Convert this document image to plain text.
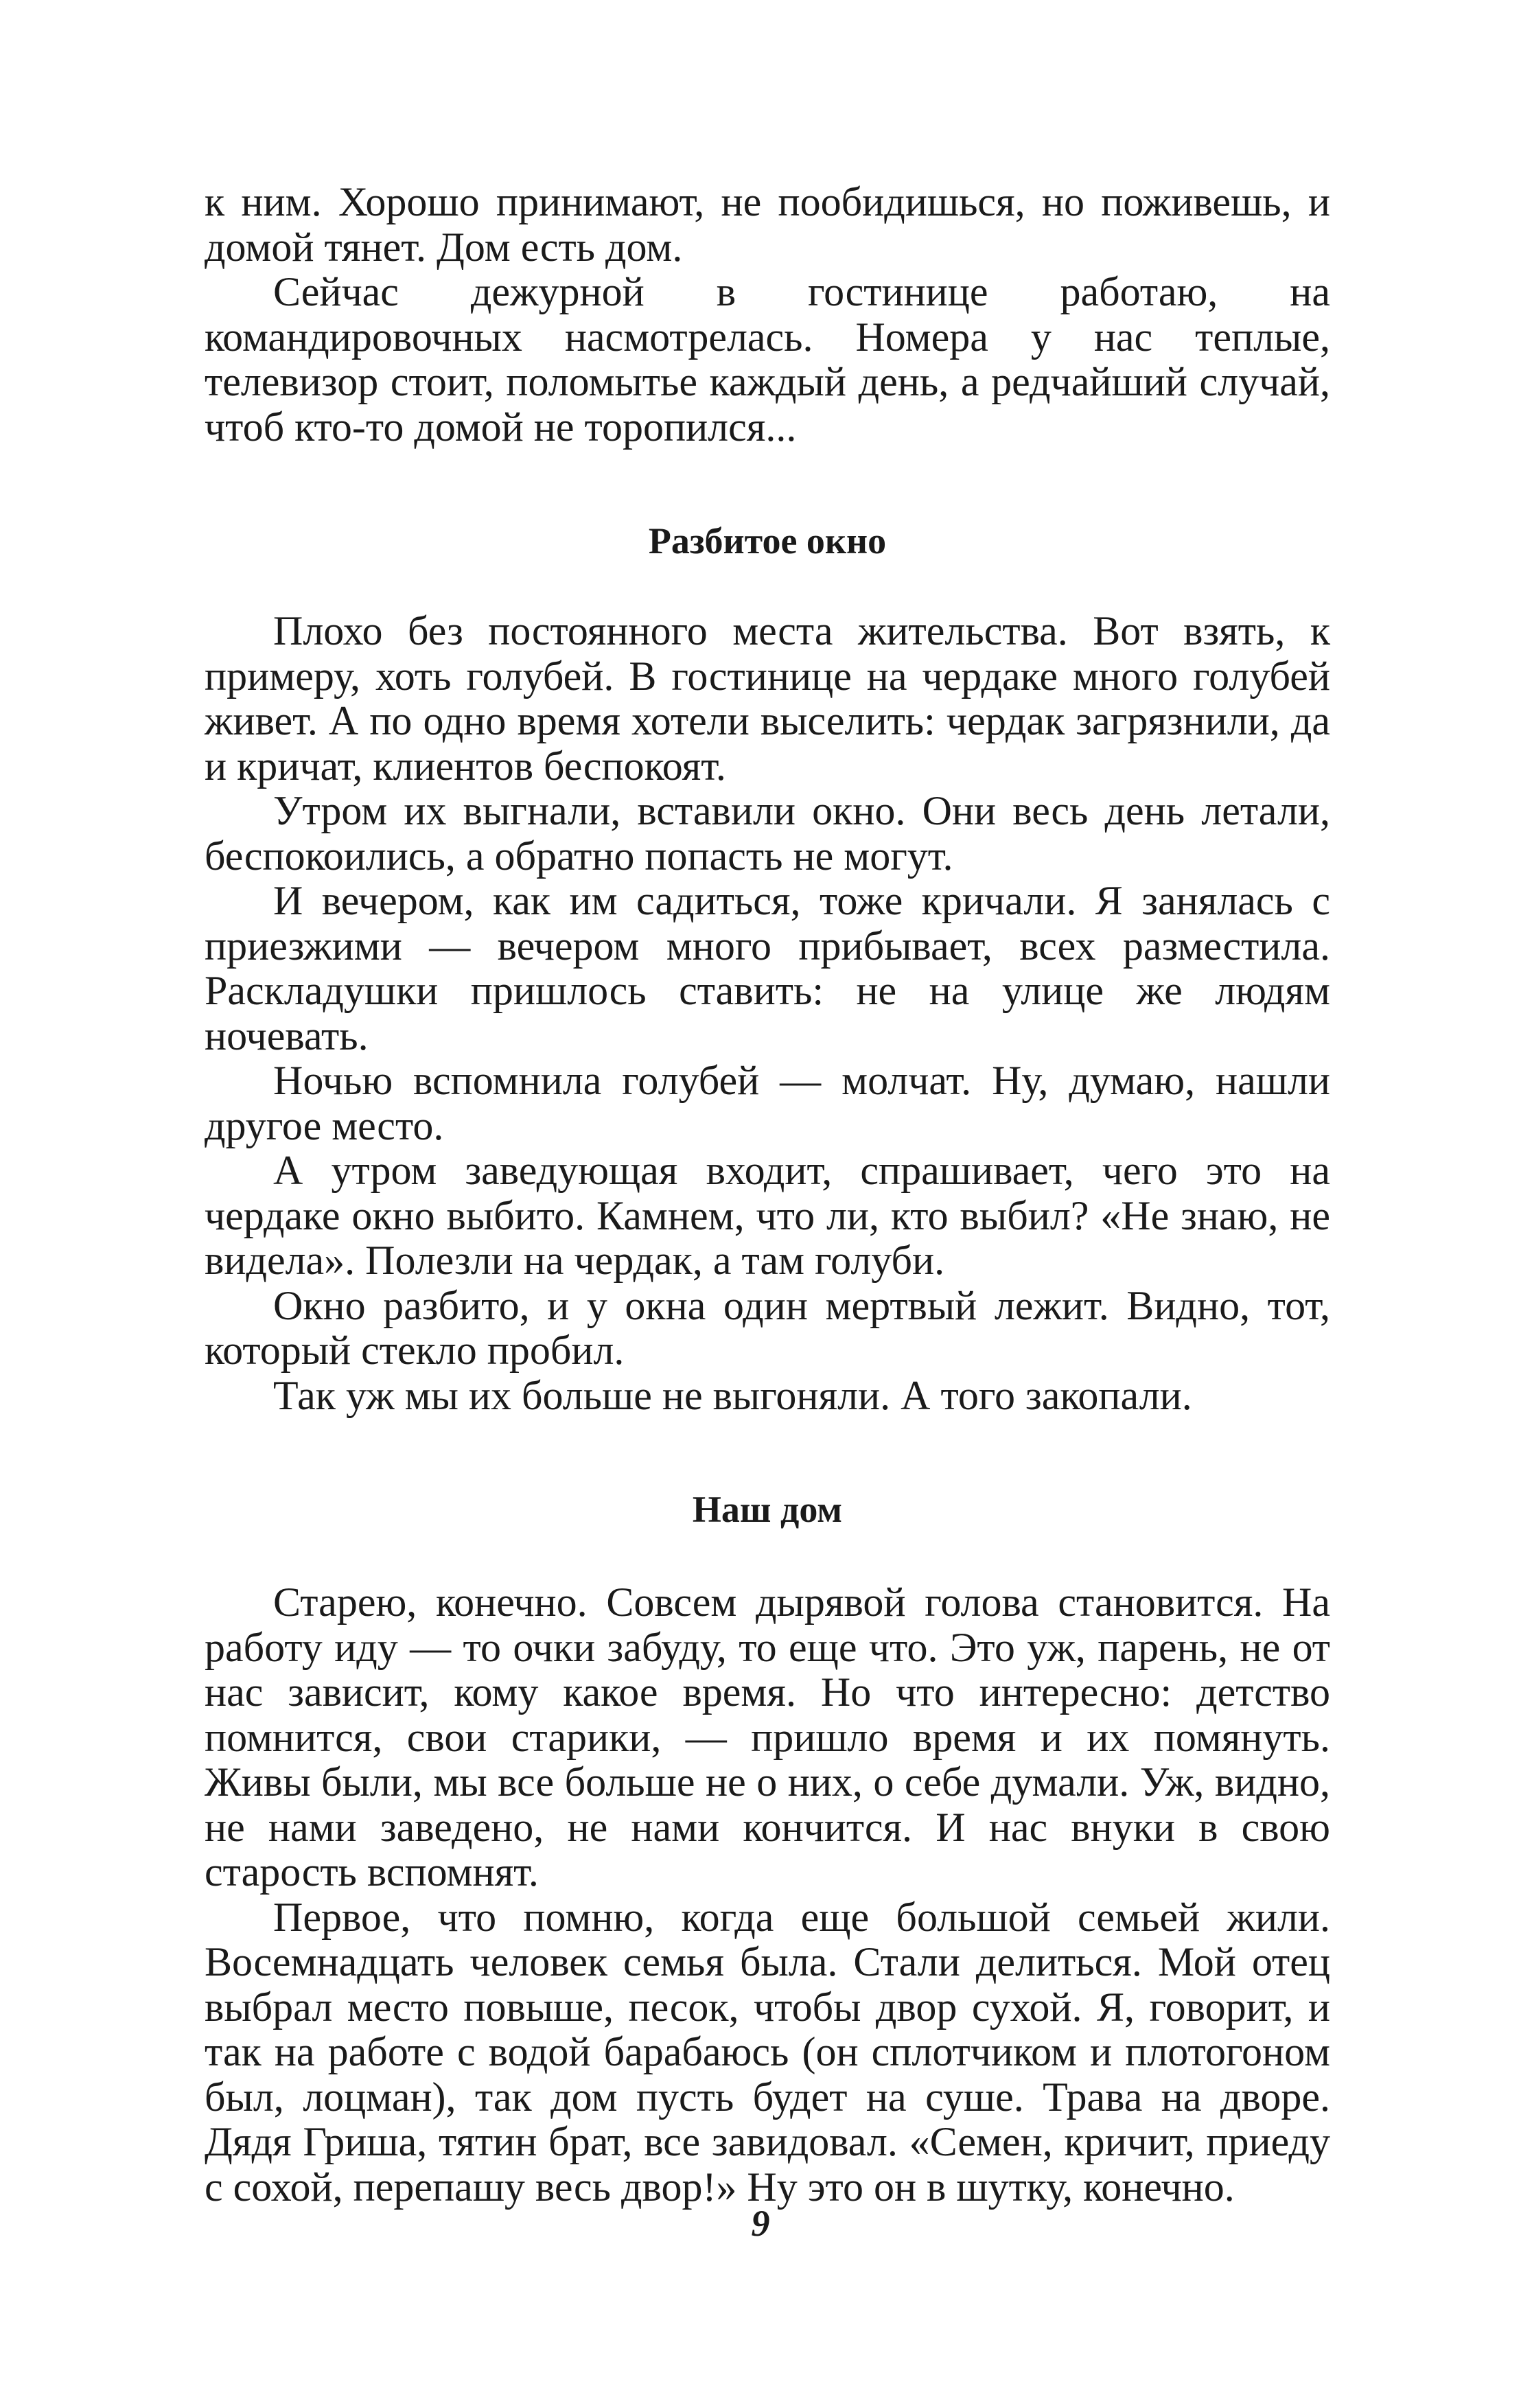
к ним. Хорошо принимают, не пообидишься, но поживешь, и домой тянет. Дом есть дом.

Сейчас дежурной в гостинице работаю, на командировочных насмотрелась. Номера у нас теплые, телевизор стоит, поломытье каждый день, а редчайший случай, чтоб кто-то домой не торопился...

Разбитое окно

Плохо без постоянного места жительства. Вот взять, к примеру, хоть голубей. В гостинице на чердаке много голубей живет. А по одно время хотели выселить: чердак загрязнили, да и кричат, клиентов беспокоят.

Утром их выгнали, вставили окно. Они весь день летали, беспокоились, а обратно попасть не могут.

И вечером, как им садиться, тоже кричали. Я занялась с приезжими — вечером много прибывает, всех разместила. Раскладушки пришлось ставить: не на улице же людям ночевать.

Ночью вспомнила голубей — молчат. Ну, думаю, нашли другое место.

А утром заведующая входит, спрашивает, чего это на чердаке окно выбито. Камнем, что ли, кто выбил? «Не знаю, не видела». Полезли на чердак, а там голуби.

Окно разбито, и у окна один мертвый лежит. Видно, тот, который стекло пробил.

Так уж мы их больше не выгоняли. А того закопали.

Наш дом

Старею, конечно. Совсем дырявой голова становится. На работу иду — то очки забуду, то еще что. Это уж, парень, не от нас зависит, кому какое время. Но что интересно: детство помнится, свои старики, — пришло время и их помянуть. Живы были, мы все больше не о них, о себе думали. Уж, видно, не нами заведено, не нами кончится. И нас внуки в свою старость вспомнят.

Первое, что помню, когда еще большой семьей жили. Восемнадцать человек семья была. Стали делиться. Мой отец выбрал место повыше, песок, чтобы двор сухой. Я, говорит, и так на работе с водой барабаюсь (он сплотчиком и плотогоном был, лоцман), так дом пусть будет на суше. Трава на дворе. Дядя Гриша, тятин брат, все завидовал. «Семен, кричит, приеду с сохой, перепашу весь двор!» Ну это он в шутку, конечно.

9
